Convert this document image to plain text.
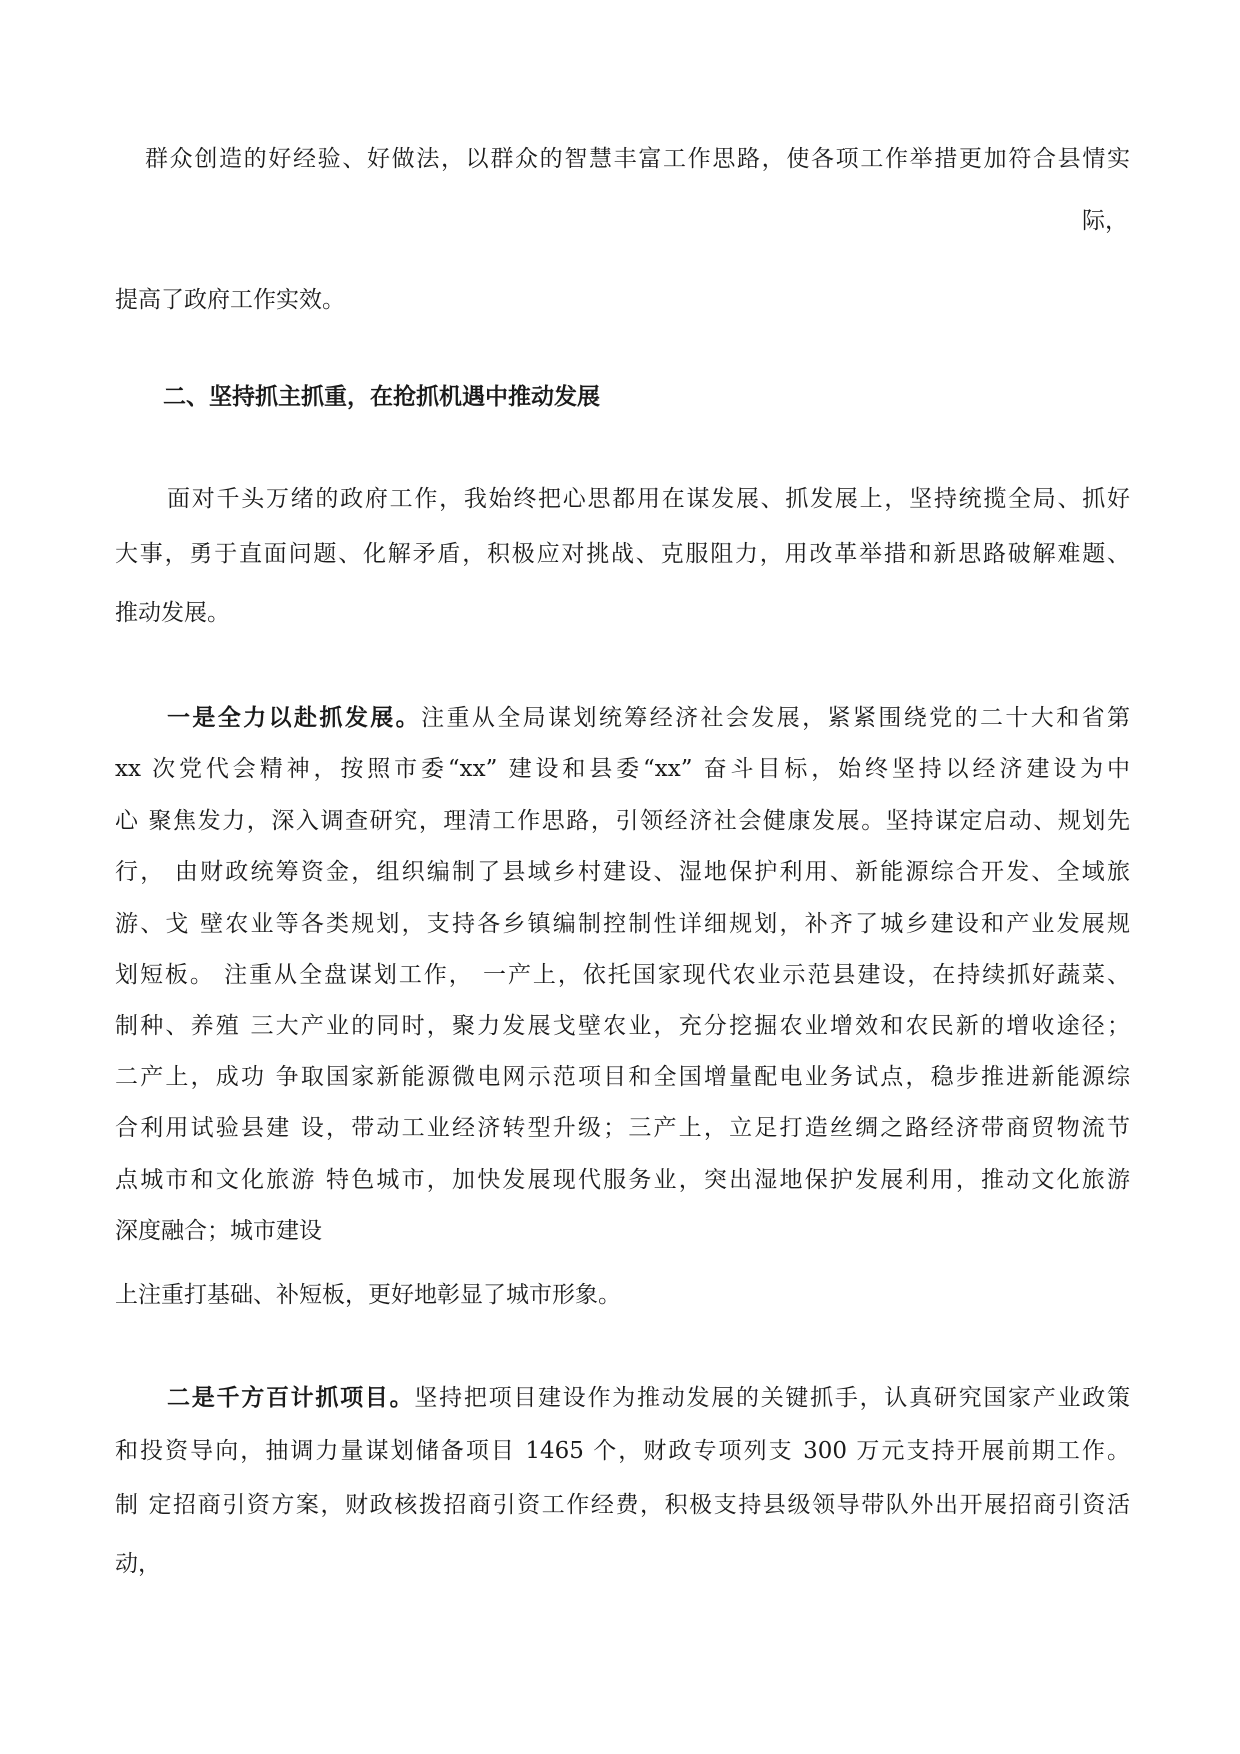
群众创造的好经验、好做法，以群众的智慧丰富工作思路，使各项工作举措更加符合县情实

际，

提高了政府工作实效。

二、坚持抓主抓重，在抢抓机遇中推动发展

面对千头万绪的政府工作，我始终把心思都用在谋发展、抓发展上，坚持统揽全局、抓好

大事，勇于直面问题、化解矛盾，积极应对挑战、克服阻力，用改革举措和新思路破解难题、

推动发展。

一是全力以赴抓发展。注重从全局谋划统筹经济社会发展，紧紧围绕党的二十大和省第

xx 次党代会精神，按照市委“xx” 建设和县委“xx” 奋斗目标，始终坚持以经济建设为中

心 聚焦发力，深入调查研究，理清工作思路，引领经济社会健康发展。坚持谋定启动、规划先

行， 由财政统筹资金，组织编制了县域乡村建设、湿地保护利用、新能源综合开发、全域旅

游、戈 壁农业等各类规划，支持各乡镇编制控制性详细规划，补齐了城乡建设和产业发展规

划短板。 注重从全盘谋划工作， 一产上，依托国家现代农业示范县建设，在持续抓好蔬菜、

制种、养殖 三大产业的同时，聚力发展戈壁农业，充分挖掘农业增效和农民新的增收途径；

二产上，成功 争取国家新能源微电网示范项目和全国增量配电业务试点，稳步推进新能源综

合利用试验县建 设，带动工业经济转型升级；三产上，立足打造丝绸之路经济带商贸物流节

点城市和文化旅游 特色城市，加快发展现代服务业，突出湿地保护发展利用，推动文化旅游

深度融合；城市建设

上注重打基础、补短板，更好地彰显了城市形象。

二是千方百计抓项目。坚持把项目建设作为推动发展的关键抓手，认真研究国家产业政策

和投资导向，抽调力量谋划储备项目 1465 个，财政专项列支 300 万元支持开展前期工作。

制 定招商引资方案，财政核拨招商引资工作经费，积极支持县级领导带队外出开展招商引资活

动，
